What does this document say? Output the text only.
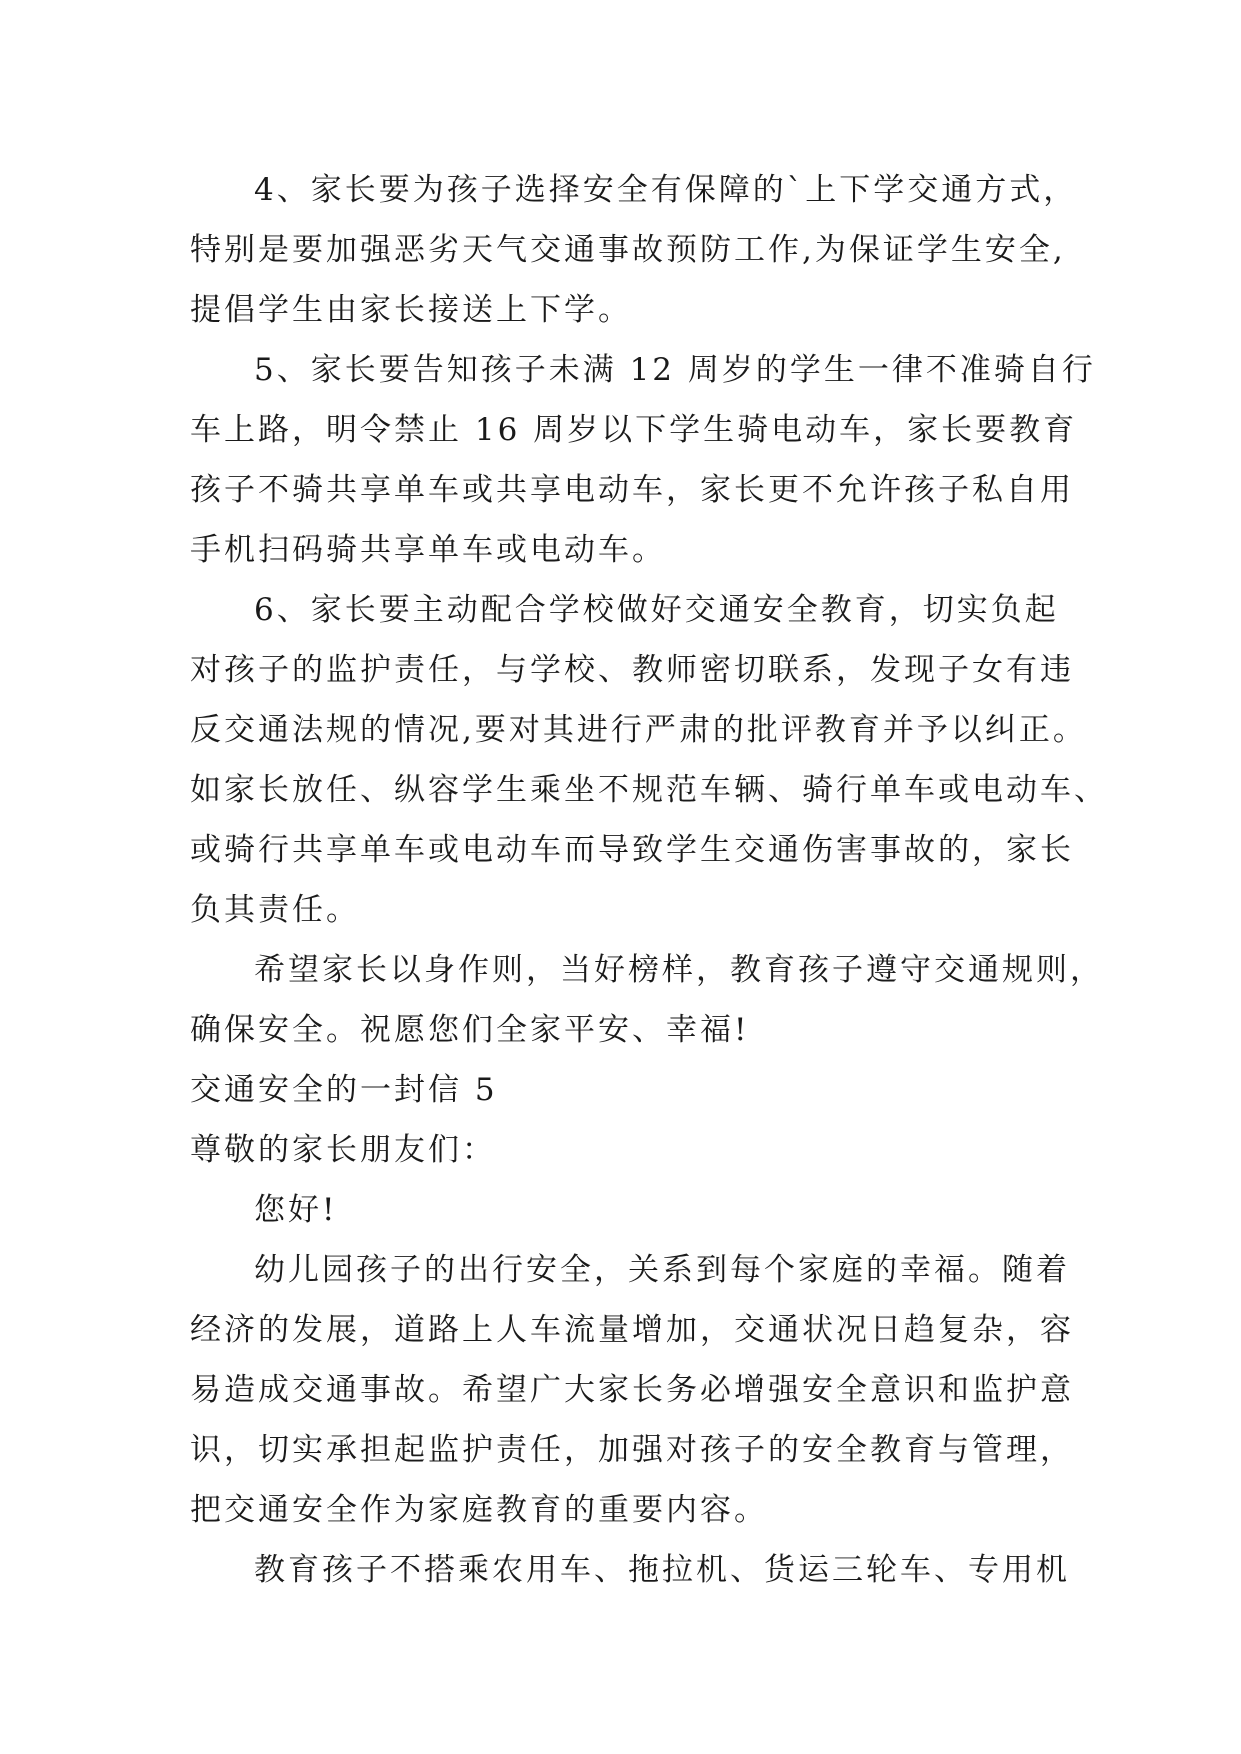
4、家长要为孩子选择安全有保障的`上下学交通方式，
特别是要加强恶劣天气交通事故预防工作,为保证学生安全,
提倡学生由家长接送上下学。
5、家长要告知孩子未满 12 周岁的学生一律不准骑自行
车上路，明令禁止 16 周岁以下学生骑电动车，家长要教育
孩子不骑共享单车或共享电动车，家长更不允许孩子私自用
手机扫码骑共享单车或电动车。
6、家长要主动配合学校做好交通安全教育，切实负起
对孩子的监护责任，与学校、教师密切联系，发现子女有违
反交通法规的情况,要对其进行严肃的批评教育并予以纠正。
如家长放任、纵容学生乘坐不规范车辆、骑行单车或电动车、
或骑行共享单车或电动车而导致学生交通伤害事故的，家长
负其责任。
希望家长以身作则，当好榜样，教育孩子遵守交通规则，
确保安全。祝愿您们全家平安、幸福!
交通安全的一封信 5
尊敬的家长朋友们：
您好!
幼儿园孩子的出行安全，关系到每个家庭的幸福。随着
经济的发展，道路上人车流量增加，交通状况日趋复杂，容
易造成交通事故。希望广大家长务必增强安全意识和监护意
识，切实承担起监护责任，加强对孩子的安全教育与管理，
把交通安全作为家庭教育的重要内容。
教育孩子不搭乘农用车、拖拉机、货运三轮车、专用机
